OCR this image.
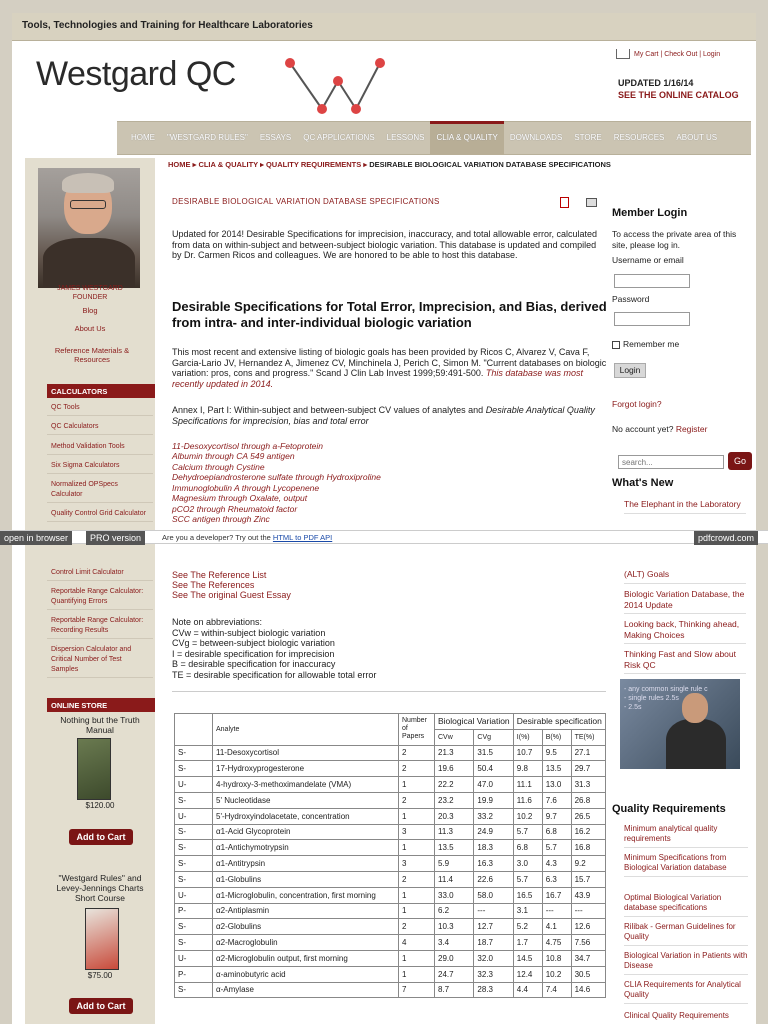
Tools, Technologies and Training for Healthcare Laboratories
Westgard QC
My Cart | Check Out | Login
UPDATED 1/16/14
SEE THE ONLINE CATALOG
HOME	"WESTGARD RULES"	ESSAYS	QC APPLICATIONS	LESSONS	CLIA & QUALITY	DOWNLOADS	STORE	RESOURCES	ABOUT US
HOME ▸ CLIA & QUALITY ▸ QUALITY REQUIREMENTS ▸ DESIRABLE BIOLOGICAL VARIATION DATABASE SPECIFICATIONS
JAMES WESTGARD
FOUNDER
Blog
About Us
Reference Materials & Resources
CALCULATORS
QC Tools
QC Calculators
Method Validation Tools
Six Sigma Calculators
Normalized OPSpecs Calculator
Quality Control Grid Calculator
Control Limit Calculator
Reportable Range Calculator: Quantifying Errors
Reportable Range Calculator: Recording Results
Dispersion Calculator and Critical Number of Test Samples
ONLINE STORE
Nothing but the Truth Manual
$120.00
Add to Cart
"Westgard Rules" and Levey-Jennings Charts Short Course
$75.00
Add to Cart
DESIRABLE BIOLOGICAL VARIATION DATABASE SPECIFICATIONS
Updated for 2014! Desirable Specifications for imprecision, inaccuracy, and total allowable error, calculated from data on within-subject and between-subject biologic variation. This database is updated and compiled by Dr. Carmen Ricos and colleagues. We are honored to be able to host this database.
Desirable Specifications for Total Error, Imprecision, and Bias, derived from intra- and inter-individual biologic variation
This most recent and extensive listing of biologic goals has been provided by Ricos C, Alvarez V, Cava F, Garcia-Lario JV, Hernandez A, Jimenez CV, Minchinela J, Perich C, Simon M. "Current databases on biologic variation: pros, cons and progress." Scand J Clin Lab Invest 1999;59:491-500. This database was most recently updated in 2014.
Annex I, Part I: Within-subject and between-subject CV values of analytes and Desirable Analytical Quality Specifications for imprecision, bias and total error
11-Desoxycortisol through a-Fetoprotein
Albumin through CA 549 antigen
Calcium through Cystine
Dehydroepiandrosterone sulfate through Hydroxiproline
Immunoglobulin A through Lycopenene
Magnesium through Oxalate, output
pCO2 through Rheumatoid factor
SCC antigen through Zinc
See The Reference List
See The References
See The original Guest Essay
Note on abbreviations:
CVw = within-subject biologic variation
CVg = between-subject biologic variation
I = desirable specification for imprecision
B = desirable specification for inaccuracy
TE = desirable specification for allowable total error
	Analyte	Number of Papers	Biological Variation		Desirable specification		
			CVw	CVg	I(%)	B(%)	TE(%)
S-	11-Desoxycortisol	2	21.3	31.5	10.7	9.5	27.1
S-	17-Hydroxyprogesterone	2	19.6	50.4	9.8	13.5	29.7
U-	4-hydroxy-3-methoximandelate (VMA)	1	22.2	47.0	11.1	13.0	31.3
S-	5' Nucleotidase	2	23.2	19.9	11.6	7.6	26.8
U-	5'-Hydroxyindolacetate, concentration	1	20.3	33.2	10.2	9.7	26.5
S-	α1-Acid Glycoprotein	3	11.3	24.9	5.7	6.8	16.2
S-	α1-Antichymotrypsin	1	13.5	18.3	6.8	5.7	16.8
S-	α1-Antitrypsin	3	5.9	16.3	3.0	4.3	9.2
S-	α1-Globulins	2	11.4	22.6	5.7	6.3	15.7
U-	α1-Microglobulin, concentration, first morning	1	33.0	58.0	16.5	16.7	43.9
P-	α2-Antiplasmin	1	6.2	---	3.1	---	---
S-	α2-Globulins	2	10.3	12.7	5.2	4.1	12.6
S-	α2-Macroglobulin	4	3.4	18.7	1.7	4.75	7.56
U-	α2-Microglobulin output, first morning	1	29.0	32.0	14.5	10.8	34.7
P-	α-aminobutyric acid	1	24.7	32.3	12.4	10.2	30.5
S-	α-Amylase	7	8.7	28.3	4.4	7.4	14.6
Member Login
To access the private area of this site, please log in.
Username or email
Password
Remember me
Login
Forgot login?
No account yet? Register
search...
Go
What's New
The Elephant in the Laboratory
(ALT) Goals
Biologic Variation Database, the 2014 Update
Looking back, Thinking ahead, Making Choices
Thinking Fast and Slow about Risk QC
- any common single rule c
- single rules 2.5s
- 2.5s
Quality Requirements
Minimum analytical quality requirements
Minimum Specifications from Biological Variation database
Optimal Biological Variation database specifications
Rilibak - German Guidelines for Quality
Biological Variation in Patients with Disease
CLIA Requirements for Analytical Quality
Clinical Quality Requirements
open in browser	PRO version	Are you a developer? Try out the HTML to PDF API	pdfcrowd.com
